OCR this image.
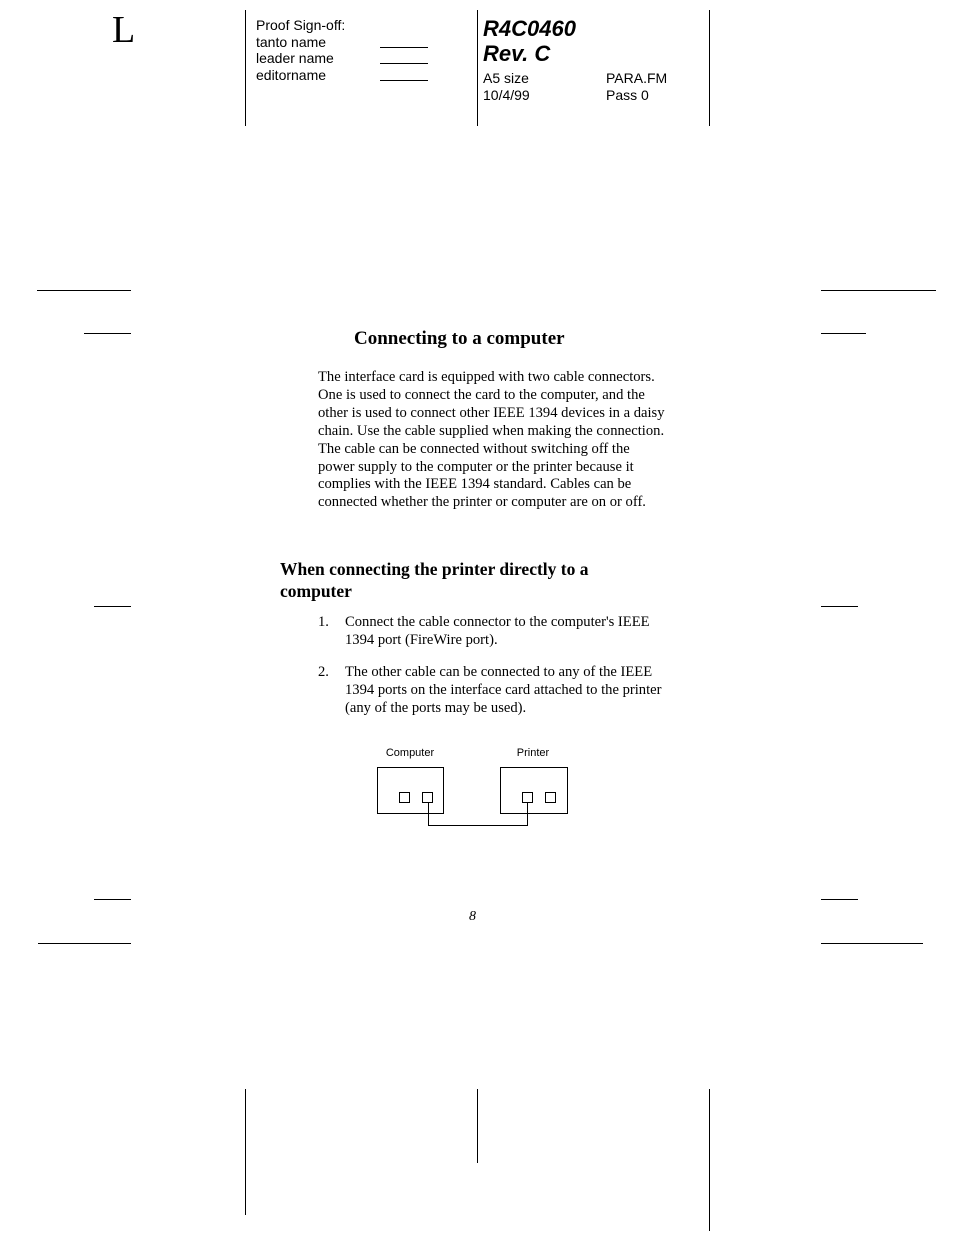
L	Proof Sign-off:
tanto name
leader name
editorname
R4C0460
Rev. C
A5 size
10/4/99
PARA.FM
Pass 0
Connecting to a computer
The interface card is equipped with two cable connectors. One is used to connect the card to the computer, and the other is used to connect other IEEE 1394 devices in a daisy chain. Use the cable supplied when making the connection. The cable can be connected without switching off the power supply to the computer or the printer because it complies with the IEEE 1394 standard. Cables can be connected whether the printer or computer are on or off.
When connecting the printer directly to a computer
1. Connect the cable connector to the computer's IEEE 1394 port (FireWire port).
2. The other cable can be connected to any of the IEEE 1394 ports on the interface card attached to the printer (any of the ports may be used).
Computer	Printer
8
